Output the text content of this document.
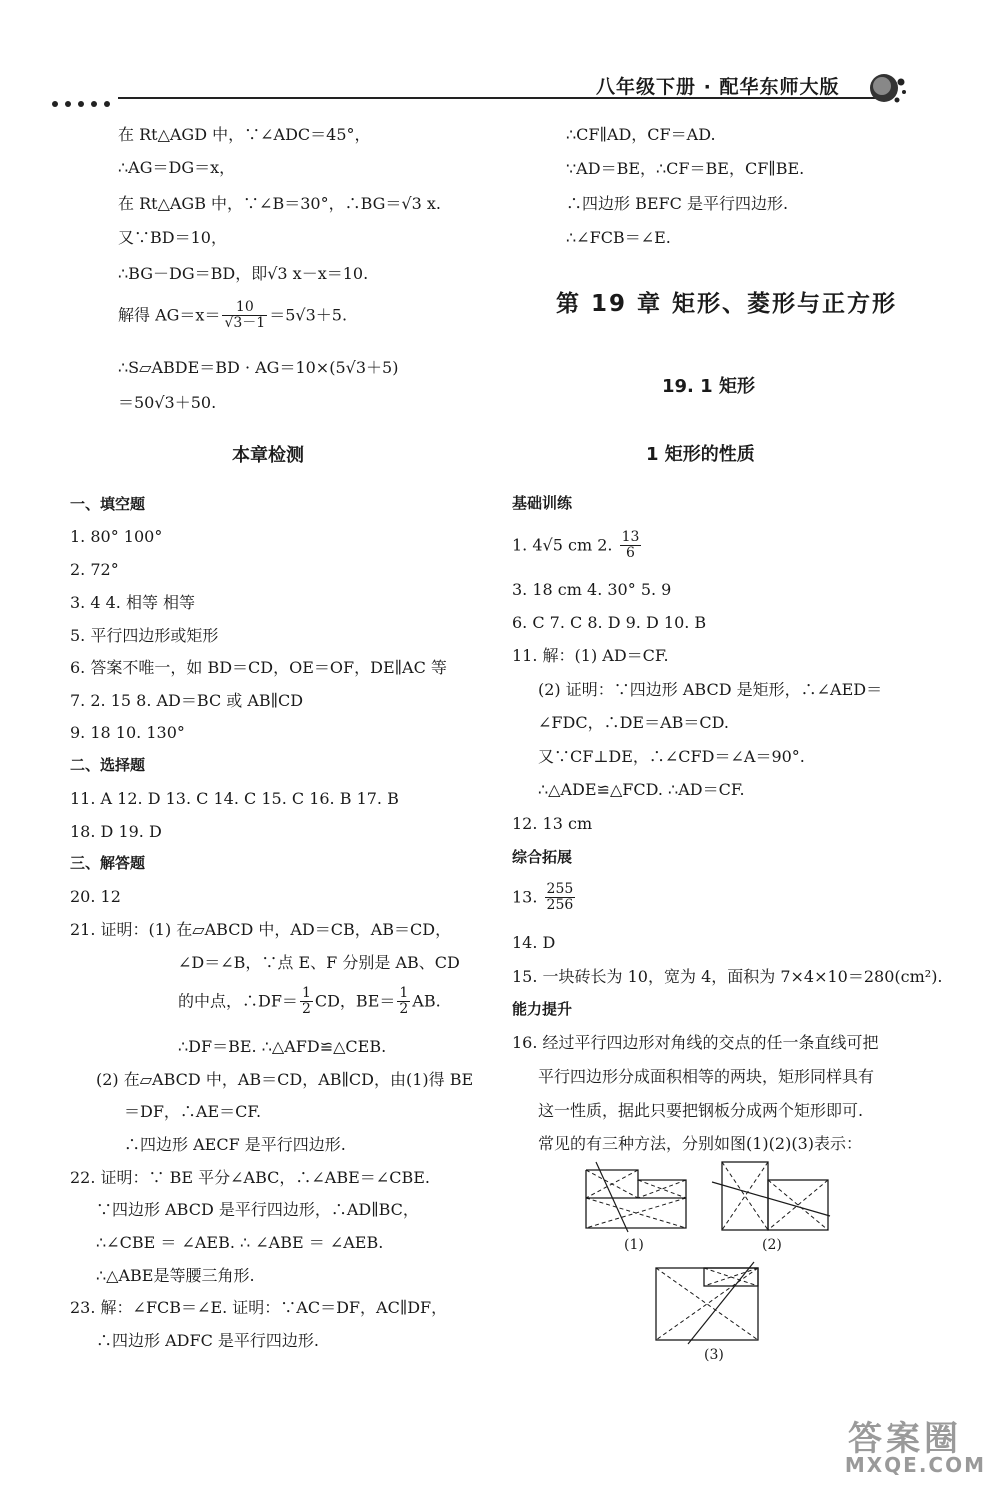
八年级下册 · 配华东师大版
在 Rt△AGD 中，∵∠ADC＝45°，
∴AG＝DG＝x，
在 Rt△AGB 中，∵∠B＝30°，∴BG＝√3 x.
又∵BD＝10，
∴BG－DG＝BD，即√3 x－x＝10.
解得 $AG=x= \frac{10}{√3-1} =5√3+5$.
∴S▱ABDE＝BD · AG＝10×(5√3＋5)
＝50√3＋50.
本章检测
一、填空题
1. 80° 100°
2. 72°
3. 4 4. 相等 相等
5. 平行四边形或矩形
6. 答案不唯一，如 BD＝CD，OE＝OF，DE∥AC 等
7. 2. 15 8. AD＝BC 或 AB∥CD
9. 18 10. 130°
二、选择题
11. A 12. D 13. C 14. C 15. C 16. B 17. B
18. D 19. D
三、解答题
20. 12
21. 证明：(1) 在▱ABCD 中，AD＝CB，AB＝CD，
∠D＝∠B，∵点 E、F 分别是 AB、CD
的中点，∴DF＝ $\frac{1}{2}$ CD，$BE= \frac{1}{2}$ AB.
∴DF＝BE. ∴△AFD≌△CEB.
(2) 在▱ABCD 中，AB＝CD，AB∥CD，由(1)得 BE
＝DF，∴AE＝CF.
∴四边形 AECF 是平行四边形.
22. 证明：∵ BE 平分∠ABC，∴∠ABE＝∠CBE.
∵四边形 ABCD 是平行四边形，∴AD∥BC，
∴∠CBE ＝ ∠AEB. ∴ ∠ABE ＝ ∠AEB.
∴△ABE是等腰三角形.
23. 解：∠FCB＝∠E. 证明：∵AC＝DF，AC∥DF，
∴四边形 ADFC 是平行四边形.
∴CF∥AD，CF＝AD.
∵AD＝BE，∴CF＝BE，CF∥BE.
∴四边形 BEFC 是平行四边形.
∴∠FCB＝∠E.
第 19 章 矩形、菱形与正方形
19. 1 矩形
1 矩形的性质
基础训练
1. 4√5 cm 2. $\frac{13}{6}$
3. 18 cm 4. 30° 5. 9
6. C 7. C 8. D 9. D 10. B
11. 解：(1) AD＝CF.
(2) 证明：∵四边形 ABCD 是矩形，∴∠AED＝
∠FDC，∴DE＝AB＝CD.
又∵CF⊥DE，∴∠CFD＝∠A＝90°.
∴△ADE≌△FCD. ∴AD＝CF.
12. 13 cm
综合拓展
13. $\frac{255}{256}$
14. D
15. 一块砖长为 10，宽为 4，面积为 7×4×10＝280(cm²).
能力提升
16. 经过平行四边形对角线的交点的任一条直线可把
平行四边形分成面积相等的两块，矩形同样具有
这一性质，据此只要把钢板分成两个矩形即可.
常见的有三种方法，分别如图(1)(2)(3)表示：
(1)	(2)
(3)
答案圈
MXQE.COM
